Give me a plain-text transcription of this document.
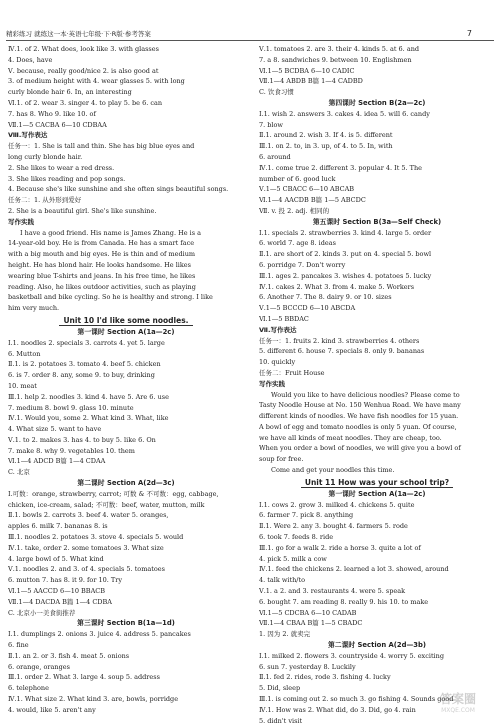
精彩练习 就练这一本·英语七年级·下·R版·参考答案	7
Ⅳ.1. of 2. What does, look like 3. with glasses
4. Does, have
Ⅴ. because, really good/nice 2. is also good at
3. of medium height with 4. wear glasses 5. with long
curly blonde hair 6. In, an interesting
Ⅵ.1. of 2. wear 3. singer 4. to play 5. be 6. can
7. has 8. Who 9. like 10. of
Ⅶ.1—5 CACBA 6—10 CDBAA
Ⅷ.写作表达
任务一：1. She is tall and thin. She has big blue eyes and
long curly blonde hair.
2. She likes to wear a red dress.
3. She likes reading and pop songs.
4. Because she's like sunshine and she often sings beautiful songs.
任务二：1. 从外形到爱好
2. She is a beautiful girl. She's like sunshine.
写作实践
I have a good friend. His name is James Zhang. He is a
14-year-old boy. He is from Canada. He has a smart face
with a big mouth and big eyes. He is thin and of medium
height. He has blond hair. He looks handsome. He likes
wearing blue T-shirts and jeans. In his free time, he likes
reading. Also, he likes outdoor activities, such as playing
basketball and bike cycling. So he is healthy and strong. I like
him very much.
Unit 10 I'd like some noodles.
第一课时 Section A(1a—2c)
Ⅰ.1. noodles 2. specials 3. carrots 4. yet 5. large
6. Mutton
Ⅱ.1. is 2. potatoes 3. tomato 4. beef 5. chicken
6. is 7. order 8. any, some 9. to buy, drinking
10. meat
Ⅲ.1. help 2. noodles 3. kind 4. have 5. Are 6. use
7. medium 8. bowl 9. glass 10. minute
Ⅳ.1. Would you, some 2. What kind 3. What, like
4. What size 5. want to have
Ⅴ.1. to 2. makes 3. has 4. to buy 5. like 6. On
7. make 8. why 9. vegetables 10. them
Ⅵ.1—4 ADCD B篇 1—4 CDAA
C. 北京
第二课时 Section A(2d—3c)
Ⅰ.可数：orange, strawberry, carrot; 可数 & 不可数：egg, cabbage,
chicken, ice-cream, salad; 不可数：beef, water, mutton, milk
Ⅱ.1. bowls 2. carrots 3. beef 4. water 5. oranges,
apples 6. milk 7. bananas 8. is
Ⅲ.1. noodles 2. potatoes 3. stove 4. specials 5. would
Ⅳ.1. take, order 2. some tomatoes 3. What size
4. large bowl of 5. What kind
Ⅴ.1. noodles 2. and 3. of 4. specials 5. tomatoes
6. mutton 7. has 8. it 9. for 10. Try
Ⅵ.1—5 AACCD 6—10 BBACB
Ⅶ.1—4 DACDA B篇 1—4 CDBA
C. 北京小一美食街推荐
第三课时 Section B(1a—1d)
Ⅰ.1. dumplings 2. onions 3. juice 4. address 5. pancakes
6. fine
Ⅱ.1. an 2. or 3. fish 4. meat 5. onions
6. orange, oranges
Ⅲ.1. order 2. What 3. large 4. soup 5. address
6. telephone
Ⅳ.1. What size 2. What kind 3. are, bowls, porridge
4. would, like 5. aren't any
Ⅴ.1. tomatoes 2. are 3. their 4. kinds 5. at 6. and
7. a 8. sandwiches 9. between 10. Englishmen
Ⅵ.1—5 BCDBA 6—10 CADIC
Ⅶ.1—4 ABDB B篇 1—4 CADBD
C. 饮食习惯
第四课时 Section B(2a—2c)
Ⅰ.1. wish 2. answers 3. cakes 4. idea 5. will 6. candy
7. blow
Ⅱ.1. around 2. wish 3. If 4. is 5. different
Ⅲ.1. on 2. to, in 3. up, of 4. to 5. In, with
6. around
Ⅳ.1. come true 2. different 3. popular 4. It 5. The
number of 6. good luck
Ⅴ.1—5 CBACC 6—10 ABCAB
Ⅵ.1—4 AACDB B篇 1—5 ABCDC
Ⅶ. v. 投 2. adj. 相同的
第五课时 Section B(3a—Self Check)
Ⅰ.1. specials 2. strawberries 3. kind 4. large 5. order
6. world 7. age 8. ideas
Ⅱ.1. are short of 2. kinds 3. put on 4. special 5. bowl
6. porridge 7. Don't worry
Ⅲ.1. ages 2. pancakes 3. wishes 4. potatoes 5. lucky
Ⅳ.1. cakes 2. What 3. from 4. make 5. Workers
6. Another 7. The 8. dairy 9. or 10. sizes
Ⅴ.1—5 BCCCD 6—10 ABCDA
Ⅵ.1—5 BBDAC
Ⅶ.写作表达
任务一：1. fruits 2. kind 3. strawberries 4. others
5. different 6. house 7. specials 8. only 9. bananas
10. quickly
任务二：Fruit House
写作实践
Would you like to have delicious noodles? Please come to
Tasty Noodle House at No. 150 Wenhua Road. We have many
different kinds of noodles. We have fish noodles for 15 yuan.
A bowl of egg and tomato noodles is only 5 yuan. Of course,
we have all kinds of meat noodles. They are cheap, too.
When you order a bowl of noodles, we will give you a bowl of
soup for free.
Come and get your noodles this time.
Unit 11 How was your school trip?
第一课时 Section A(1a—2c)
Ⅰ.1. cows 2. grow 3. milked 4. chickens 5. quite
6. farmer 7. pick 8. anything
Ⅱ.1. Were 2. any 3. bought 4. farmers 5. rode
6. took 7. feeds 8. ride
Ⅲ.1. go for a walk 2. ride a horse 3. quite a lot of
4. pick 5. milk a cow
Ⅳ.1. feed the chickens 2. learned a lot 3. showed, around
4. talk with/to
Ⅴ.1. a 2. and 3. restaurants 4. were 5. speak
6. bought 7. am reading 8. really 9. his 10. to make
Ⅵ.1—5 CDCBA 6—10 CADAB
Ⅶ.1—4 CBAA B篇 1—5 CBADC
1. 因为 2. 就卖完
第二课时 Section A(2d—3b)
Ⅰ.1. milked 2. flowers 3. countryside 4. worry 5. exciting
6. sun 7. yesterday 8. Luckily
Ⅱ.1. fed 2. rides, rode 3. fishing 4. lucky
5. Did, sleep
Ⅲ.1. is coming out 2. so much 3. go fishing 4. Sounds good
Ⅳ.1. How was 2. What did, do 3. Did, go 4. rain
5. didn't visit
答案圈
MXQE.COM
